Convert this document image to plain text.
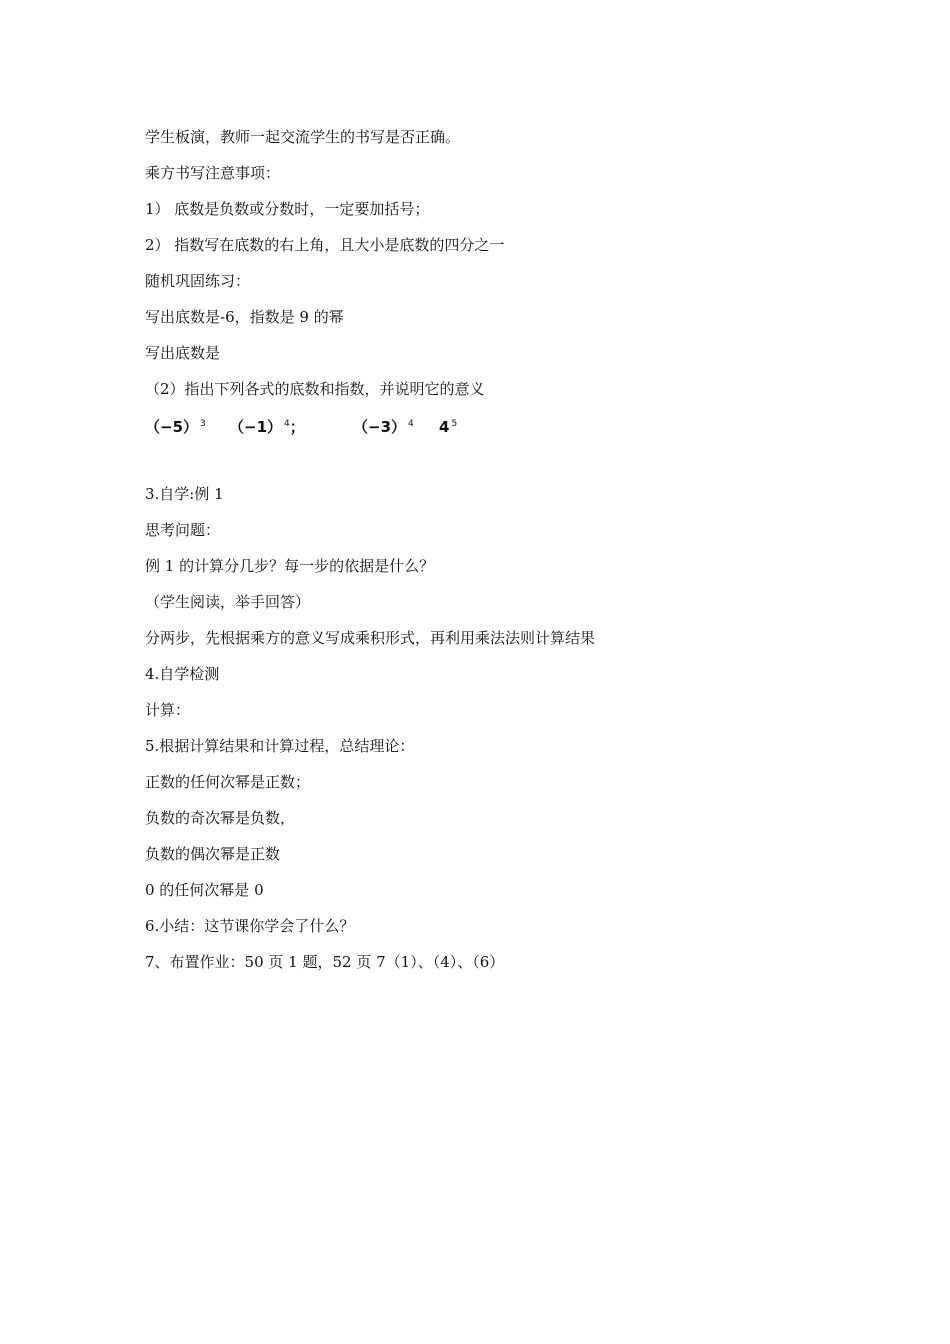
学生板演，教师一起交流学生的书写是否正确。
乘方书写注意事项：
1） 底数是负数或分数时，一定要加括号；
2） 指数写在底数的右上角，且大小是底数的四分之一
随机巩固练习：
写出底数是-6，指数是 9 的幂
写出底数是
（2）指出下列各式的底数和指数，并说明它的意义
（−5） $^3$ （−1） $^4$；	（−3） $^4$ 4 $^5$
3.自学:例 1
思考问题：
例 1 的计算分几步？每一步的依据是什么？
（学生阅读，举手回答）
分两步，先根据乘方的意义写成乘积形式，再利用乘法法则计算结果
4.自学检测
计算：
5.根据计算结果和计算过程，总结理论：
正数的任何次幂是正数；
负数的奇次幂是负数，
负数的偶次幂是正数
0 的任何次幂是 0
6.小结：这节课你学会了什么？
7、布置作业：50 页 1 题，52 页 7（1）、（4）、（6）
